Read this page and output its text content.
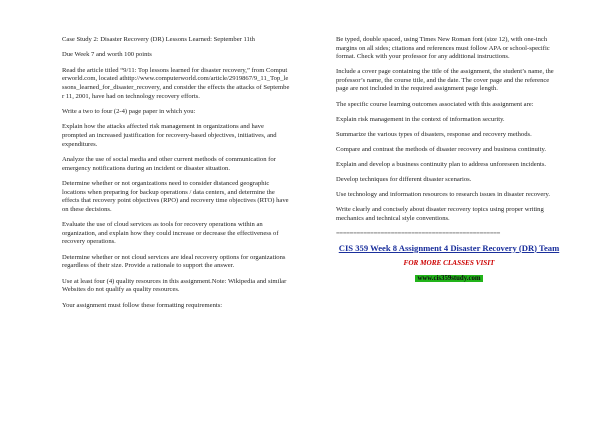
Case Study 2: Disaster Recovery (DR) Lessons Learned: September 11th

Due Week 7 and worth 100 points

Read the article titled “9/11: Top lessons learned for disaster recovery,” from Computerworld.com, located athttp://www.computerworld.com/article/2919867/9_11_Top_lessons_learned_for_disaster_recovery, and consider the effects the attacks of September 11, 2001, have had on technology recovery efforts.

Write a two to four (2-4) page paper in which you:

Explain how the attacks affected risk management in organizations and have prompted an increased justification for recovery-based objectives, initiatives, and expenditures.

Analyze the use of social media and other current methods of communication for emergency notifications during an incident or disaster situation.

Determine whether or not organizations need to consider distanced geographic locations when preparing for backup operations / data centers, and determine the effects that recovery point objectives (RPO) and recovery time objectives (RTO) have on these decisions.

Evaluate the use of cloud services as tools for recovery operations within an organization, and explain how they could increase or decrease the effectiveness of recovery operations.

Determine whether or not cloud services are ideal recovery options for organizations regardless of their size. Provide a rationale to support the answer.

Use at least four (4) quality resources in this assignment.Note: Wikipedia and similar Websites do not qualify as quality resources.

Your assignment must follow these formatting requirements:

Be typed, double spaced, using Times New Roman font (size 12), with one-inch margins on all sides; citations and references must follow APA or school-specific format. Check with your professor for any additional instructions.

Include a cover page containing the title of the assignment, the student’s name, the professor’s name, the course title, and the date. The cover page and the reference page are not included in the required assignment page length.

The specific course learning outcomes associated with this assignment are:

Explain risk management in the context of information security.

Summarize the various types of disasters, response and recovery methods.

Compare and contrast the methods of disaster recovery and business continuity.

Explain and develop a business continuity plan to address unforeseen incidents.

Develop techniques for different disaster scenarios.

Use technology and information resources to research issues in disaster recovery.

Write clearly and concisely about disaster recovery topics using proper writing mechanics and technical style conventions.

================================================

CIS 359 Week 8 Assignment 4 Disaster Recovery (DR) Team

FOR MORE CLASSES VISIT

www.cis359study.com
